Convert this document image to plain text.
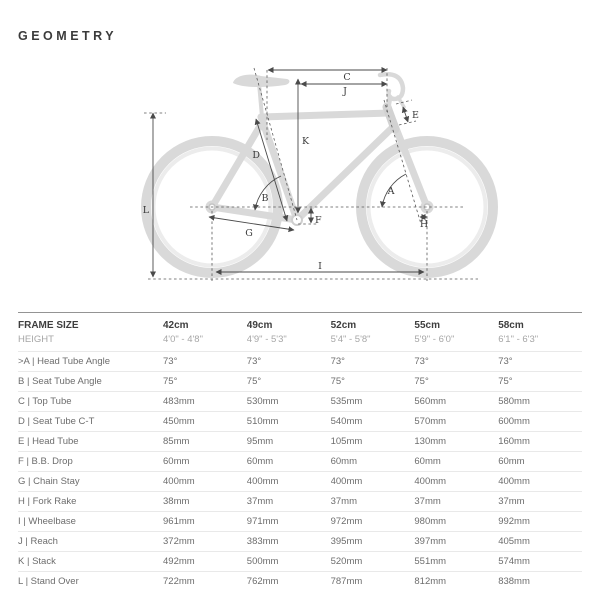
GEOMETRY
C
J
K
L
D
E
F
G
H
I
B
A
FRAME SIZE	42cm	49cm	52cm	55cm	58cm
HEIGHT	4'0" - 4'8"	4'9" - 5'3"	5'4" - 5'8"	5'9" - 6'0"	6'1" - 6'3"
>A | Head Tube Angle	73°	73°	73°	73°	73°
B | Seat Tube Angle	75°	75°	75°	75°	75°
C | Top Tube	483mm	530mm	535mm	560mm	580mm
D | Seat Tube C-T	450mm	510mm	540mm	570mm	600mm
E | Head Tube	85mm	95mm	105mm	130mm	160mm
F | B.B. Drop	60mm	60mm	60mm	60mm	60mm
G | Chain Stay	400mm	400mm	400mm	400mm	400mm
H | Fork Rake	38mm	37mm	37mm	37mm	37mm
I | Wheelbase	961mm	971mm	972mm	980mm	992mm
J | Reach	372mm	383mm	395mm	397mm	405mm
K | Stack	492mm	500mm	520mm	551mm	574mm
L | Stand Over	722mm	762mm	787mm	812mm	838mm
